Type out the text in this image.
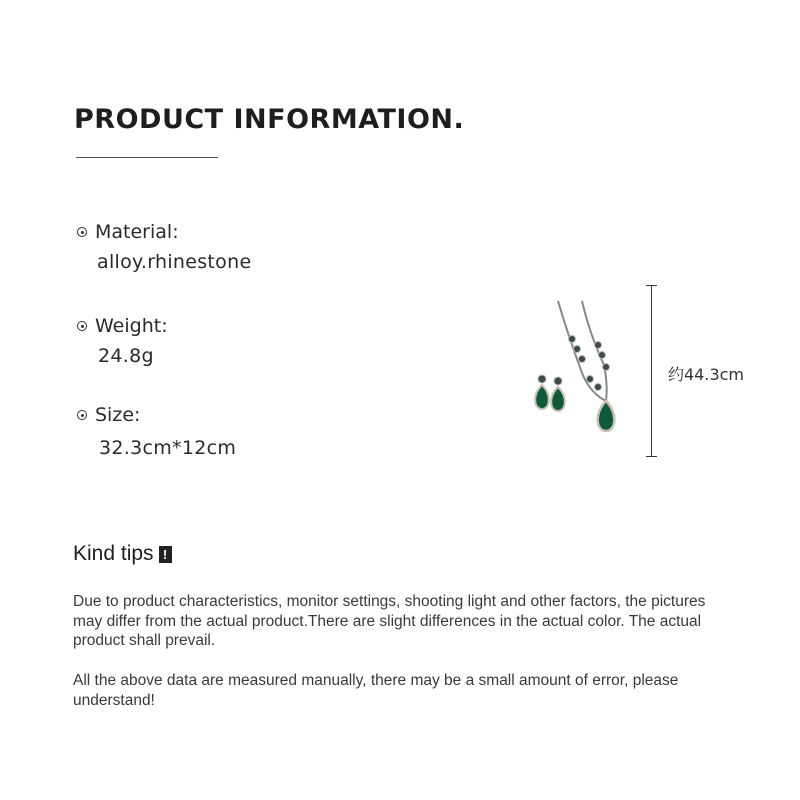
PRODUCT INFORMATION.
Material:
alloy.rhinestone
Weight:
24.8g
Size:
32.3cm*12cm
约44.3cm
Kind tips !
Due to product characteristics, monitor settings, shooting light and other factors, the pictures may differ from the actual product.There are slight differences in the actual color. The actual product shall prevail.
All the above data are measured manually, there may be a small amount of error, please understand!
